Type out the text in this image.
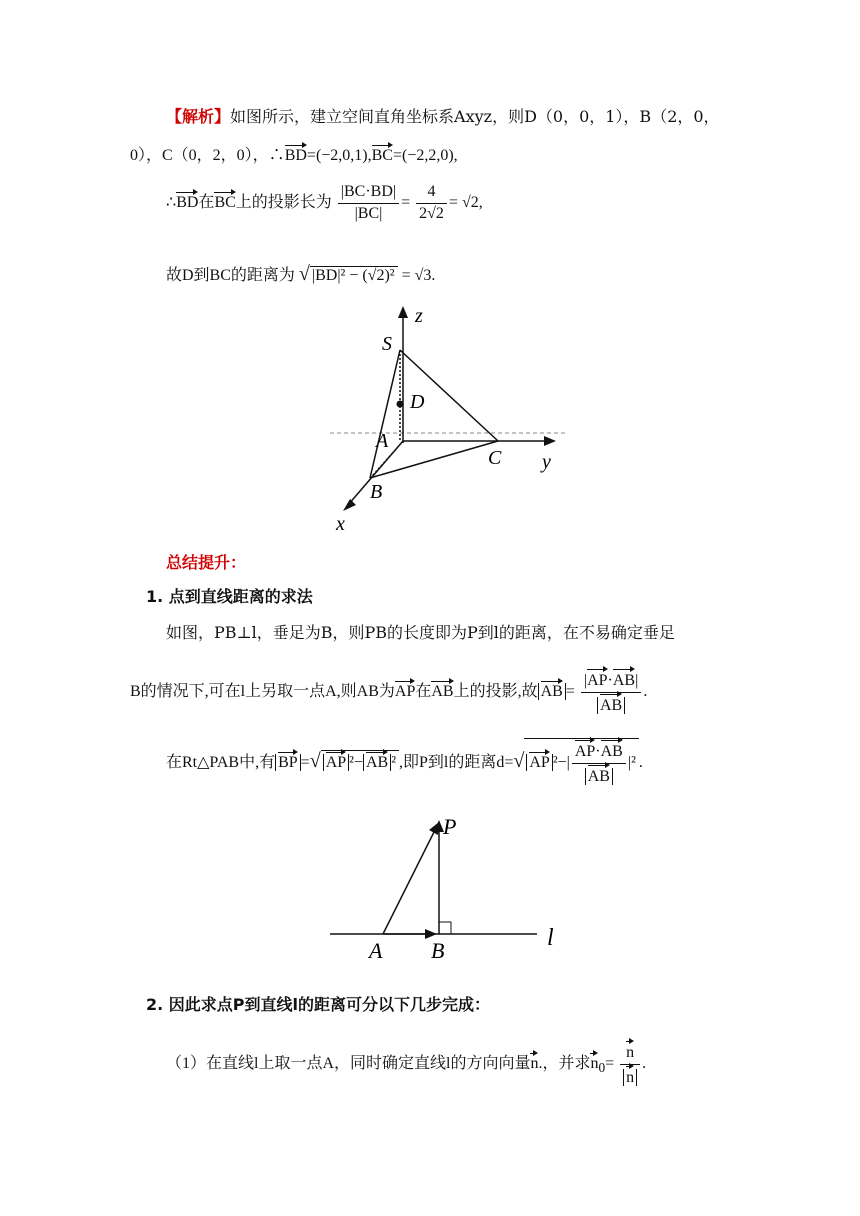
【解析】如图所示，建立空间直角坐标系Axyz，则D（0，0，1），B（2，0，
0），C（0，2，0），∴BD=(−2,0,1),BC=(−2,2,0),
∴BD在BC上的投影长为 $\frac{|BC\cdot BD|}{|BC|} = \frac{4}{2√2} = √2$,
故D到BC的距离为 √ |BD|² − (√2)² = √3.
z
y
x
S
D
A
B
C
总结提升：
1. 点到直线距离的求法
如图，PB⊥l，垂足为B，则PB的长度即为P到l的距离，在不易确定垂足
B的情况下,可在l上另取一点A,则AB为AP在AB上的投影,故 AB = $\frac{|AP\cdot AB|}{AB}$ .
在Rt△PAB中,有 BP =√ AP ²− AB ² ,即P到l的距离d=√ AP $^2-| \frac{AP\cdot AB}{AB} |^2$ .
P
A B	l
2. 因此求点P到直线l的距离可分以下几步完成：
（1）在直线l上取一点A，同时确定直线l的方向向量n.，并求$n_0= \frac{n}{n}$ .
